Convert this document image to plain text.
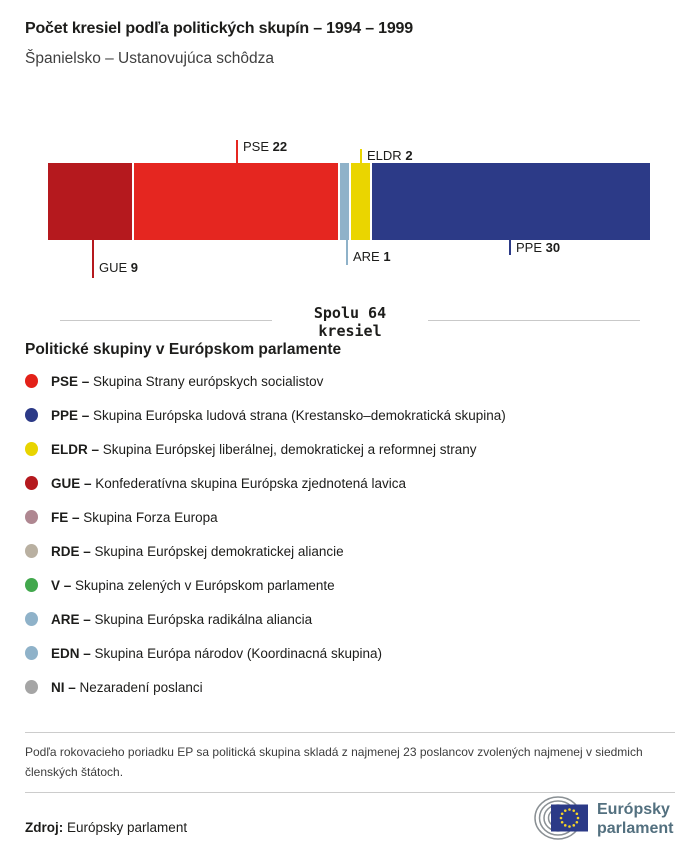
Počet kresiel podľa politických skupín – 1994 – 1999
Španielsko – Ustanovujúca schôdza
PSE 22
ELDR 2
GUE 9
ARE 1
PPE 30
Spolu 64
kresiel
Politické skupiny v Európskom parlamente
PSE – Skupina Strany európskych socialistov
PPE – Skupina Európska ludová strana (Krestansko–demokratická skupina)
ELDR – Skupina Európskej liberálnej, demokratickej a reformnej strany
GUE – Konfederatívna skupina Európska zjednotená lavica
FE – Skupina Forza Europa
RDE – Skupina Európskej demokratickej aliancie
V – Skupina zelených v Európskom parlamente
ARE – Skupina Európska radikálna aliancia
EDN – Skupina Európa národov (Koordinacná skupina)
NI – Nezaradení poslanci

Podľa rokovacieho poriadku EP sa politická skupina skladá z najmenej 23 poslancov zvolených najmenej v siedmich členských štátoch.

Zdroj: Európsky parlament

Európsky
parlament
